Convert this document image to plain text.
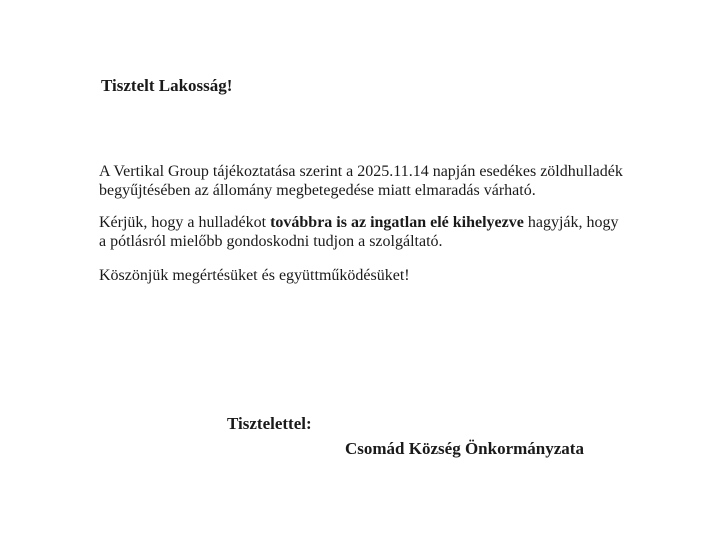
Tisztelt Lakosság!
A Vertikal Group tájékoztatása szerint a 2025.11.14 napján esedékes zöldhulladék
begyűjtésében az állomány megbetegedése miatt elmaradás várható.
Kérjük, hogy a hulladékot továbbra is az ingatlan elé kihelyezve hagyják, hogy
a pótlásról mielőbb gondoskodni tudjon a szolgáltató.
Köszönjük megértésüket és együttműködésüket!
Tisztelettel:
Csomád Község Önkormányzata
